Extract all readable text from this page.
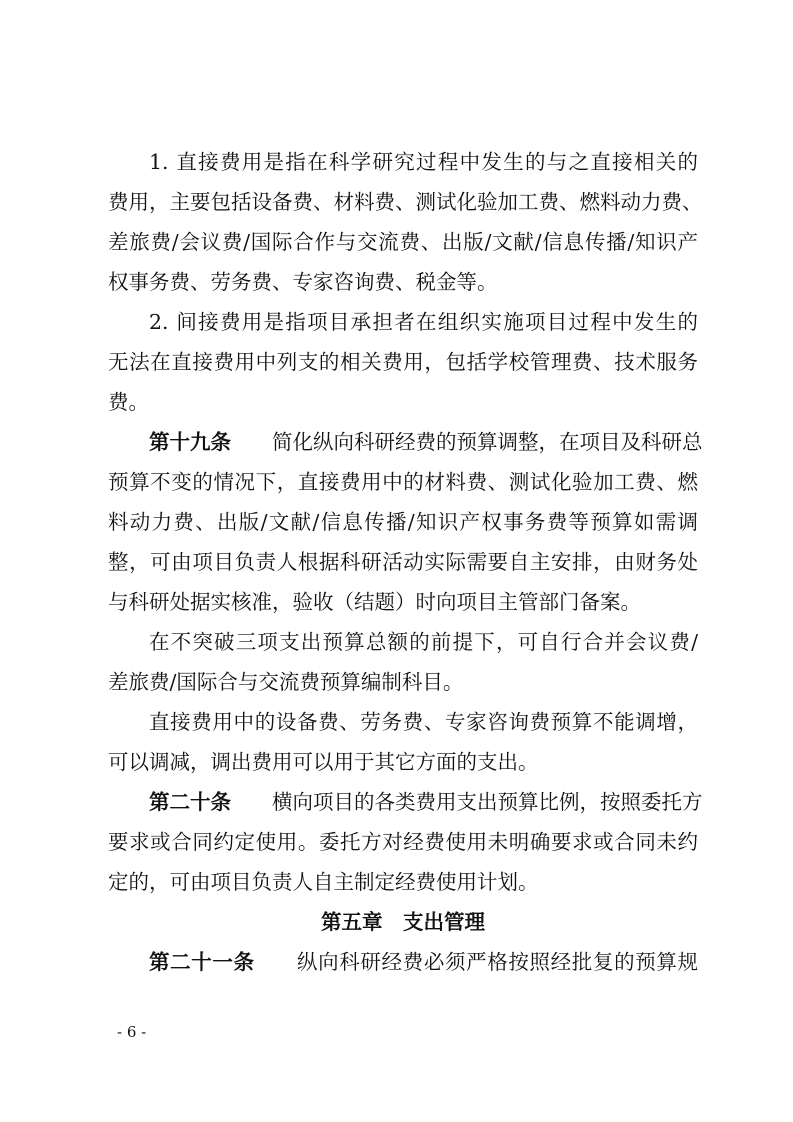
1. 直接费用是指在科学研究过程中发生的与之直接相关的
费用，主要包括设备费、材料费、测试化验加工费、燃料动力费、
差旅费/会议费/国际合作与交流费、出版/文献/信息传播/知识产
权事务费、劳务费、专家咨询费、税金等。
2. 间接费用是指项目承担者在组织实施项目过程中发生的
无法在直接费用中列支的相关费用，包括学校管理费、技术服务
费。
第十九条　　 简化纵向科研经费的预算调整，在项目及科研总
预算不变的情况下，直接费用中的材料费、测试化验加工费、燃
料动力费、出版/文献/信息传播/知识产权事务费等预算如需调
整，可由项目负责人根据科研活动实际需要自主安排，由财务处
与科研处据实核准，验收（结题）时向项目主管部门备案。
在不突破三项支出预算总额的前提下，可自行合并会议费/
差旅费/国际合与交流费预算编制科目。
直接费用中的设备费、劳务费、专家咨询费预算不能调增，
可以调减，调出费用可以用于其它方面的支出。
第二十条　　 横向项目的各类费用支出预算比例，按照委托方
要求或合同约定使用。委托方对经费使用未明确要求或合同未约
定的，可由项目负责人自主制定经费使用计划。
第五章　支出管理
第二十一条　　 纵向科研经费必须严格按照经批复的预算规
- 6 -
